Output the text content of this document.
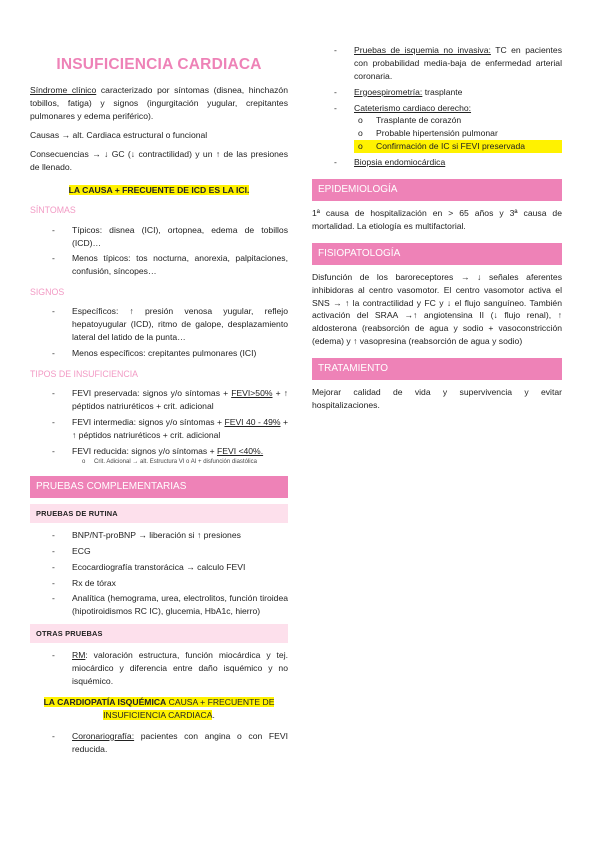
INSUFICIENCIA CARDIACA

Síndrome clínico caracterizado por síntomas (disnea, hinchazón tobillos, fatiga) y signos (ingurgitación yugular, crepitantes pulmonares y edema periférico).

Causas → alt. Cardiaca estructural o funcional

Consecuencias → ↓ GC (↓ contractilidad) y un ↑ de las presiones de llenado.

LA CAUSA + FRECUENTE DE ICD ES LA ICI.

SÍNTOMAS
- Típicos: disnea (ICI), ortopnea, edema de tobillos (ICD)…
- Menos típicos: tos nocturna, anorexia, palpitaciones, confusión, síncopes…
SIGNOS
- Específicos: ↑ presión venosa yugular, reflejo hepatoyugular (ICD), ritmo de galope, desplazamiento lateral del latido de la punta…
- Menos específicos: crepitantes pulmonares (ICI)
TIPOS DE INSUFICIENCIA
- FEVI preservada: signos y/o síntomas + FEVI>50% + ↑ péptidos natriuréticos + crit. adicional
- FEVI intermedia: signos y/o síntomas + FEVI 40 - 49% + ↑ péptidos natriuréticos + crit. adicional
- FEVI reducida: signos y/o síntomas + FEVI <40%.
o Crit. Adicional → alt. Estructura VI o AI + disfunción diastólica
PRUEBAS COMPLEMENTARIAS
PRUEBAS DE RUTINA
- BNP/NT-proBNP → liberación si ↑ presiones
- ECG
- Ecocardiografía transtorácica → calculo FEVI
- Rx de tórax
- Analítica (hemograma, urea, electrolitos, función tiroidea (hipotiroidismos RC IC), glucemia, HbA1c, hierro)
OTRAS PRUEBAS
- RM: valoración estructura, función miocárdica y tej. miocárdico y diferencia entre daño isquémico y no isquémico.

LA CARDIOPATÍA ISQUÉMICA CAUSA + FRECUENTE DE INSUFICIENCIA CARDIACA.

- Coronariografía: pacientes con angina o con FEVI reducida.
- Pruebas de isquemia no invasiva: TC en pacientes con probabilidad media-baja de enfermedad arterial coronaria.
- Ergoespirometría: trasplante
- Cateterismo cardiaco derecho:
o Trasplante de corazón
o Probable hipertensión pulmonar
o Confirmación de IC si FEVI preservada
- Biopsia endomiocárdica
EPIDEMIOLOGÍA

1ª causa de hospitalización en > 65 años y 3ª causa de mortalidad. La etiología es multifactorial.

FISIOPATOLOGÍA

Disfunción de los baroreceptores → ↓ señales aferentes inhibidoras al centro vasomotor. El centro vasomotor activa el SNS → ↑ la contractilidad y FC y ↓ el flujo sanguíneo. También activación del SRAA →↑ angiotensina II (↓ flujo renal), ↑ aldosterona (reabsorción de agua y sodio + vasoconstricción (edema) y ↑ vasopresina (reabsorción de agua y sodio)

TRATAMIENTO

Mejorar calidad de vida y supervivencia y evitar hospitalizaciones.
